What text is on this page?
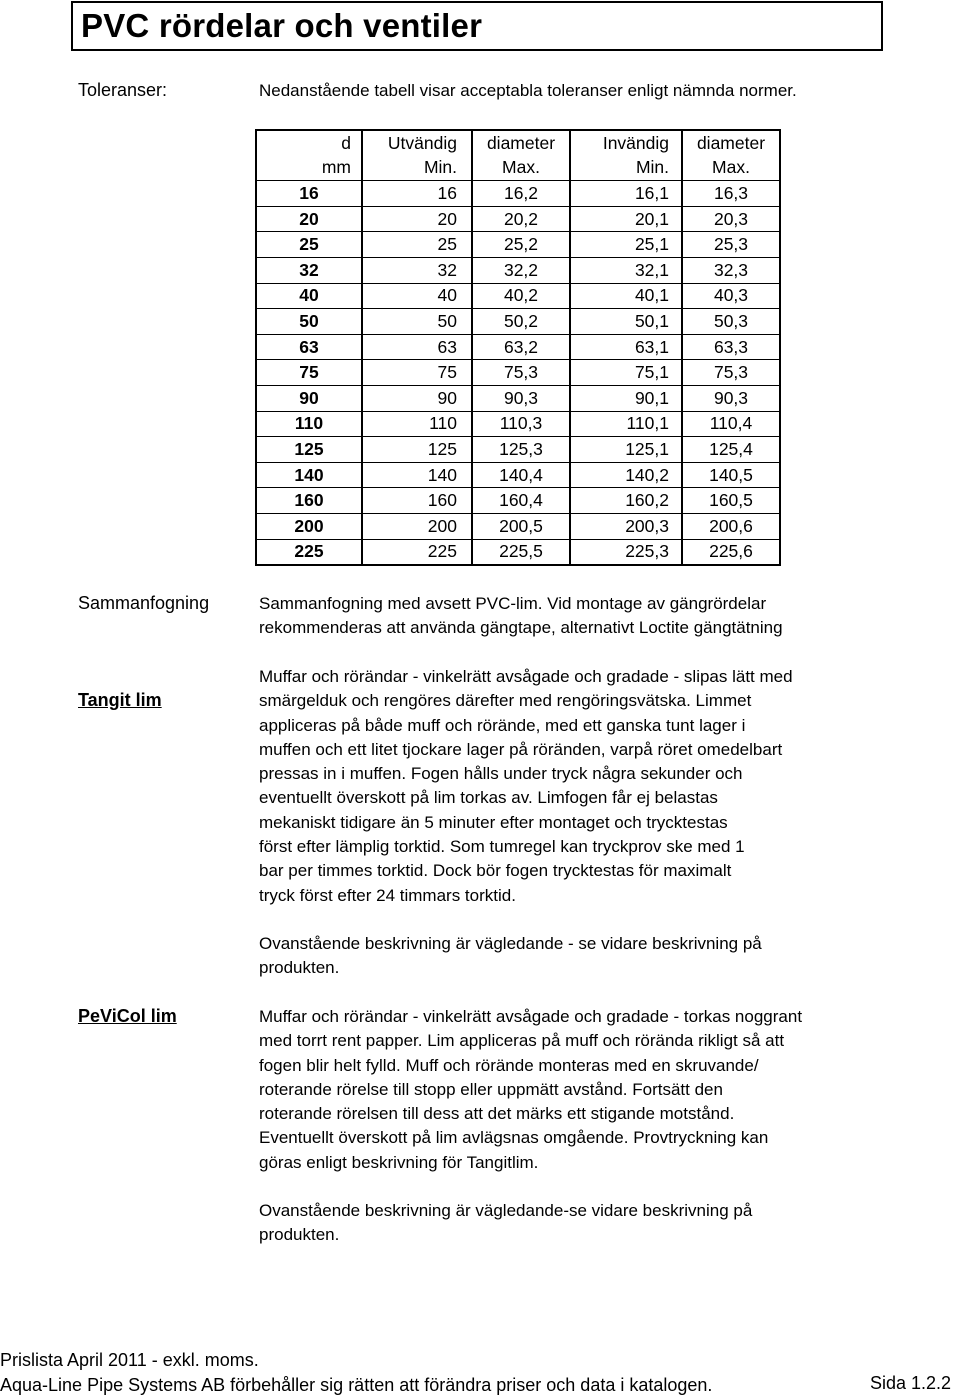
PVC rördelar och ventiler
Toleranser:	Nedanstående tabell visar acceptabla toleranser enligt nämnda normer.
d	Utvändig	diameter	Invändig	diameter
mm	Min.	Max.	Min.	Max.
16	16	16,2	16,1	16,3
20	20	20,2	20,1	20,3
25	25	25,2	25,1	25,3
32	32	32,2	32,1	32,3
40	40	40,2	40,1	40,3
50	50	50,2	50,1	50,3
63	63	63,2	63,1	63,3
75	75	75,3	75,1	75,3
90	90	90,3	90,1	90,3
110	110	110,3	110,1	110,4
125	125	125,3	125,1	125,4
140	140	140,4	140,2	140,5
160	160	160,4	160,2	160,5
200	200	200,5	200,3	200,6
225	225	225,5	225,3	225,6
Sammanfogning	Sammanfogning med avsett PVC-lim. Vid montage av gängrördelar
rekommenderas att använda gängtape, alternativt Loctite gängtätning
Tangit lim
Muffar och rörändar - vinkelrätt avsågade och gradade - slipas lätt med
smärgelduk och rengöres därefter med rengöringsvätska. Limmet
appliceras på både muff och rörände, med ett ganska tunt lager i
muffen och ett litet tjockare lager på röränden, varpå röret omedelbart
pressas in i muffen. Fogen hålls under tryck några sekunder och
eventuellt överskott på lim torkas av. Limfogen får ej belastas
mekaniskt tidigare än 5 minuter efter montaget och trycktestas
först efter lämplig torktid. Som tumregel kan tryckprov ske med 1
bar per timmes torktid. Dock bör fogen trycktestas för maximalt
tryck först efter 24 timmars torktid.
Ovanstående beskrivning är vägledande - se vidare beskrivning på
produkten.
PeViCol lim	Muffar och rörändar - vinkelrätt avsågade och gradade - torkas noggrant
med torrt rent papper. Lim appliceras på muff och rörända rikligt så att
fogen blir helt fylld. Muff och rörände monteras med en skruvande/
roterande rörelse till stopp eller uppmätt avstånd. Fortsätt den
roterande rörelsen till dess att det märks ett stigande motstånd.
Eventuellt överskott på lim avlägsnas omgående. Provtryckning kan
göras enligt beskrivning för Tangitlim.
Ovanstående beskrivning är vägledande-se vidare beskrivning på
produkten.
Prislista April 2011 - exkl. moms.
Aqua-Line Pipe Systems AB förbehåller sig rätten att förändra priser och data i katalogen.	Sida 1.2.2
